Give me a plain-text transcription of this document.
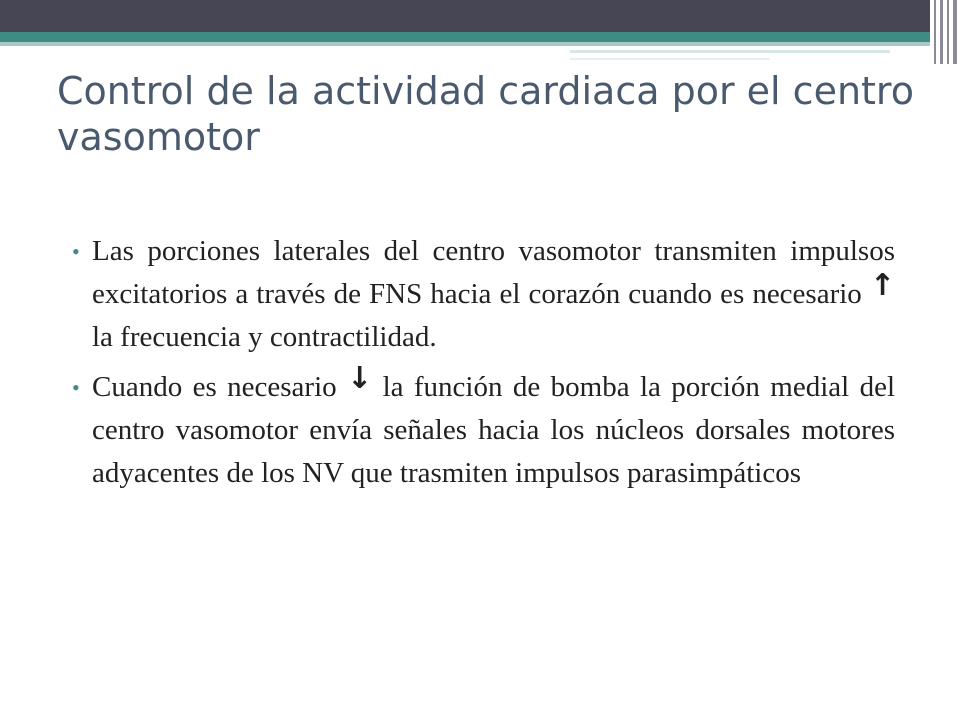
Control de la actividad cardiaca por el centro vasomotor

• Las porciones laterales del centro vasomotor transmiten impulsos excitatorios a través de FNS hacia el corazón cuando es necesario ↑ la frecuencia y contractilidad.

• Cuando es necesario ↓ la función de bomba la porción medial del centro vasomotor envía señales hacia los núcleos dorsales motores adyacentes de los NV que trasmiten impulsos parasimpáticos
